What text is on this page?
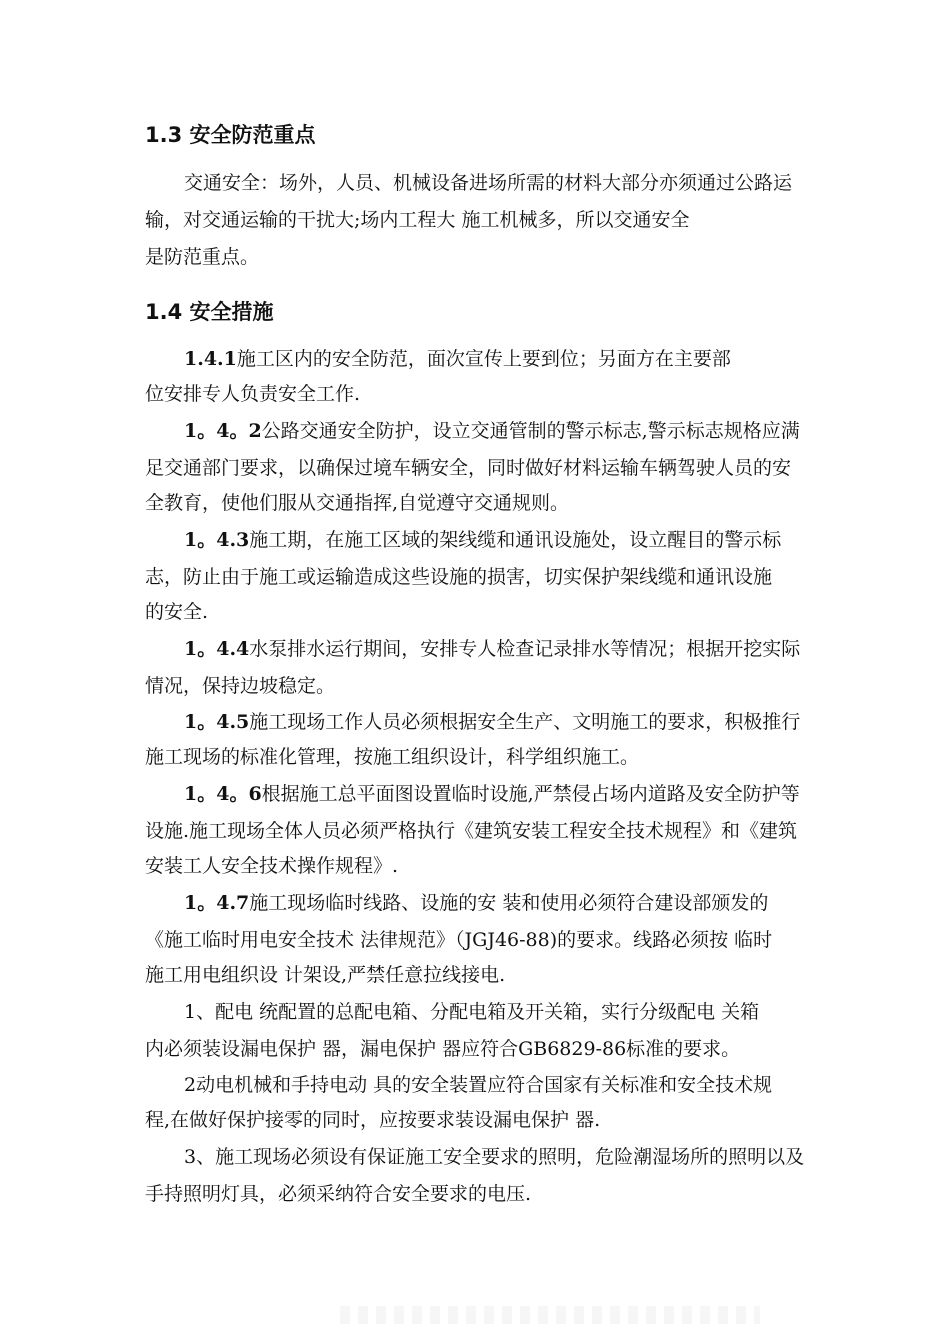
1.3 安全防范重点

交通安全：场外，人员、机械设备进场所需的材料大部分亦须通过公路运

输，对交通运输的干扰大;场内工程大 施工机械多，所以交通安全

是防范重点。

1.4 安全措施

1.4.1施工区内的安全防范，面次宣传上要到位；另面方在主要部

位安排专人负责安全工作.

1。4。2公路交通安全防护，设立交通管制的警示标志,警示标志规格应满

足交通部门要求，以确保过境车辆安全，同时做好材料运输车辆驾驶人员的安

全教育，使他们服从交通指挥,自觉遵守交通规则。

1。4.3施工期，在施工区域的架线缆和通讯设施处，设立醒目的警示标

志，防止由于施工或运输造成这些设施的损害，切实保护架线缆和通讯设施

的安全.

1。4.4水泵排水运行期间，安排专人检查记录排水等情况；根据开挖实际

情况，保持边坡稳定。

1。4.5施工现场工作人员必须根据安全生产、文明施工的要求，积极推行

施工现场的标准化管理，按施工组织设计，科学组织施工。

1。4。6根据施工总平面图设置临时设施,严禁侵占场内道路及安全防护等

设施.施工现场全体人员必须严格执行《建筑安装工程安全技术规程》和《建筑

安装工人安全技术操作规程》.

1。4.7施工现场临时线路、设施的安 装和使用必须符合建设部颁发的

《施工临时用电安全技术 法律规范》（JGJ46-88)的要求。线路必须按 临时

施工用电组织设 计架设,严禁任意拉线接电.

1、配电 统配置的总配电箱、分配电箱及开关箱，实行分级配电 关箱

内必须装设漏电保护 器，漏电保护 器应符合GB6829-86标准的要求。

2动电机械和手持电动 具的安全装置应符合国家有关标准和安全技术规

程,在做好保护接零的同时，应按要求装设漏电保护 器.

3、施工现场必须设有保证施工安全要求的照明，危险潮湿场所的照明以及

手持照明灯具，必须采纳符合安全要求的电压.
